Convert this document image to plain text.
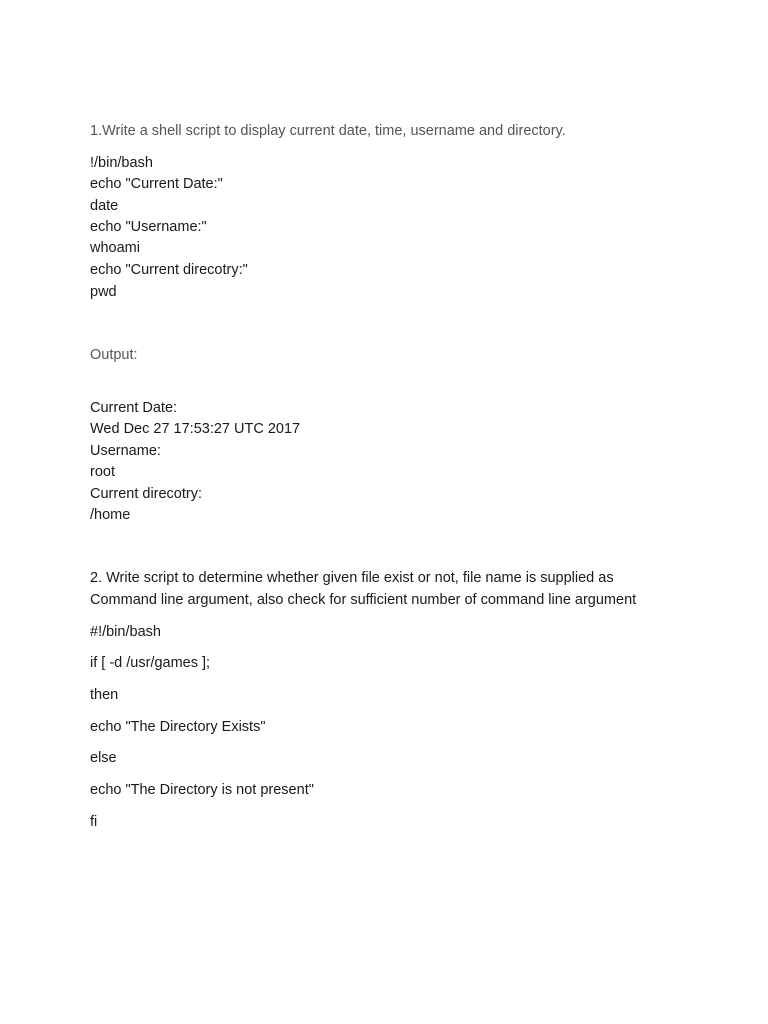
1.Write a shell script to display current date, time, username and directory.

!/bin/bash

echo "Current Date:"

date

echo "Username:"

whoami

echo "Current direcotry:"

pwd

Output:

Current Date:

Wed Dec 27 17:53:27 UTC 2017

Username:

root

Current direcotry:

/home

2. Write script to determine whether given file exist or not, file name is supplied as

Command line argument, also check for sufficient number of command line argument

#!/bin/bash

if [ -d /usr/games ];

then

echo "The Directory Exists"

else

echo "The Directory is not present"

fi
